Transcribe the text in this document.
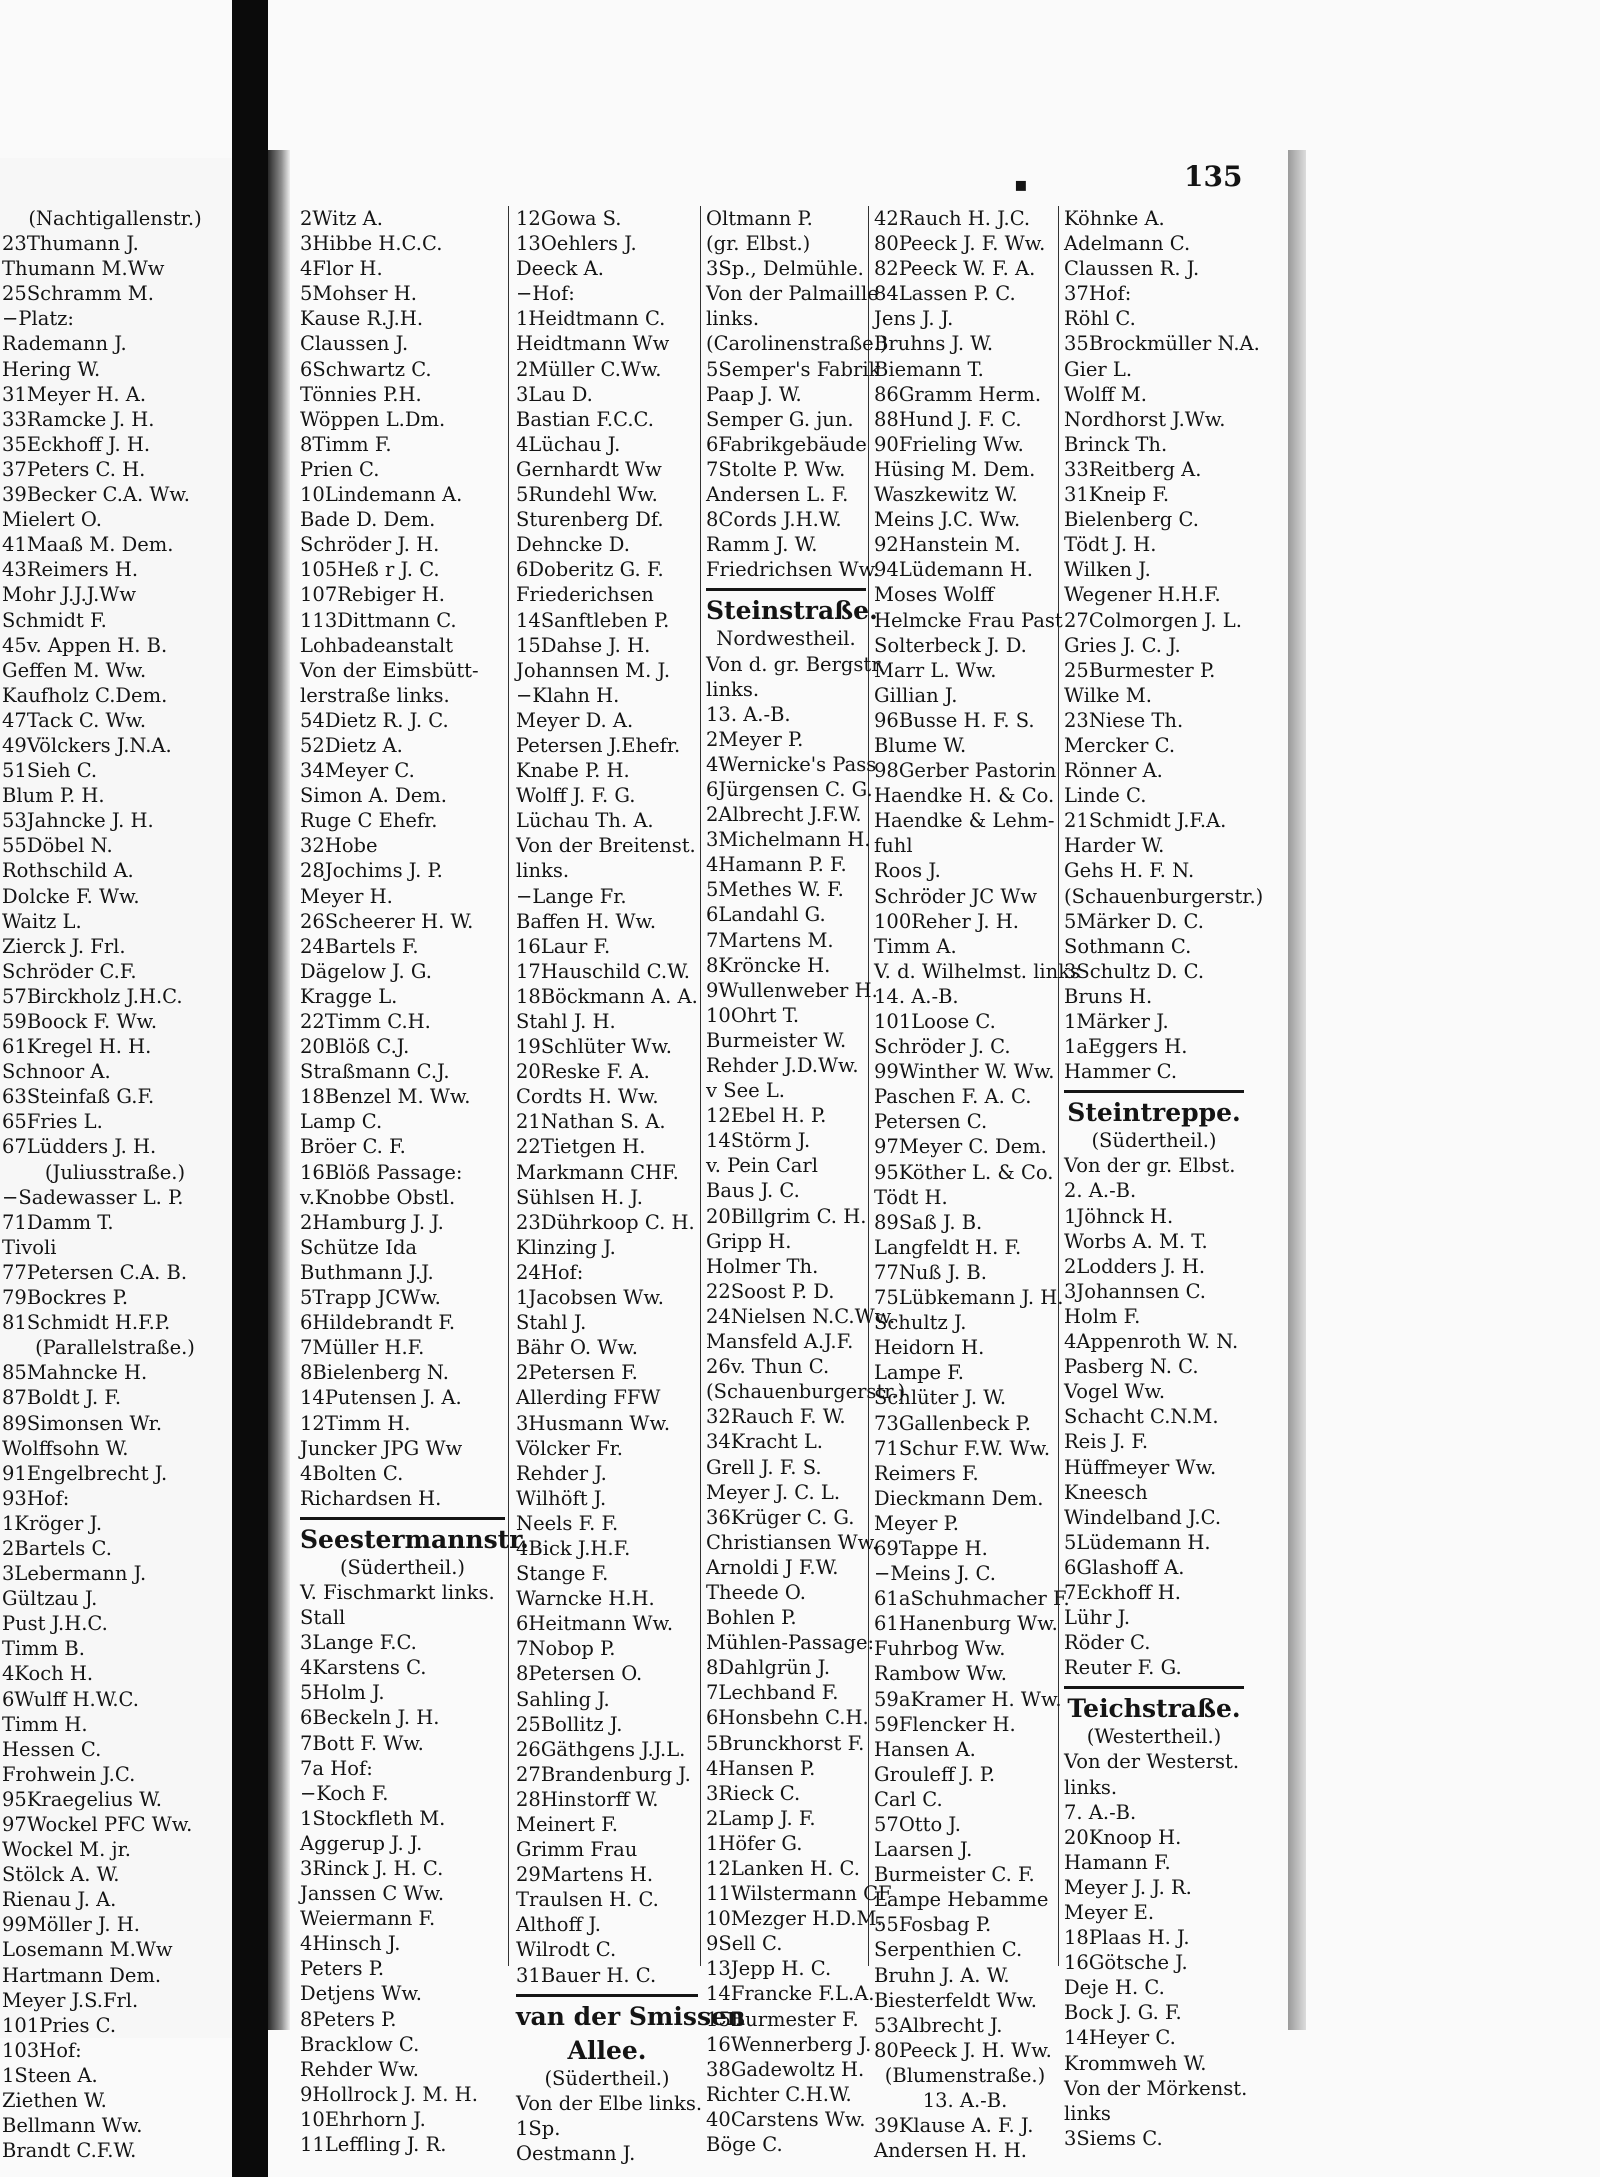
▪	135
(Nachtigallenstr.)
23Thumann J.
Thumann M.Ww
25Schramm M.
−Platz:
Rademann J.
Hering W.
31Meyer H. A.
33Ramcke J. H.
35Eckhoff J. H.
37Peters C. H.
39Becker C.A. Ww.
Mielert O.
41Maaß M. Dem.
43Reimers H.
Mohr J.J.J.Ww
Schmidt F.
45v. Appen H. B.
Geffen M. Ww.
Kaufholz C.Dem.
47Tack C. Ww.
49Völckers J.N.A.
51Sieh C.
Blum P. H.
53Jahncke J. H.
55Döbel N.
Rothschild A.
Dolcke F. Ww.
Waitz L.
Zierck J. Frl.
Schröder C.F.
57Birckholz J.H.C.
59Boock F. Ww.
61Kregel H. H.
Schnoor A.
63Steinfaß G.F.
65Fries L.
67Lüdders J. H.
(Juliusstraße.)
−Sadewasser L. P.
71Damm T.
Tivoli
77Petersen C.A. B.
79Bockres P.
81Schmidt H.F.P.
(Parallelstraße.)
85Mahncke H.
87Boldt J. F.
89Simonsen Wr.
Wolffsohn W.
91Engelbrecht J.
93Hof:
1Kröger J.
2Bartels C.
3Lebermann J.
Gültzau J.
Pust J.H.C.
Timm B.
4Koch H.
6Wulff H.W.C.
Timm H.
Hessen C.
Frohwein J.C.
95Kraegelius W.
97Wockel PFC Ww.
Wockel M. jr.
Stölck A. W.
Rienau J. A.
99Möller J. H.
Losemann M.Ww
Hartmann Dem.
Meyer J.S.Frl.
101Pries C.
103Hof:
1Steen A.
Ziethen W.
Bellmann Ww.
Brandt C.F.W.
2Witz A.
3Hibbe H.C.C.
4Flor H.
5Mohser H.
Kause R.J.H.
Claussen J.
6Schwartz C.
Tönnies P.H.
Wöppen L.Dm.
8Timm F.
Prien C.
10Lindemann A.
Bade D. Dem.
Schröder J. H.
105Heß r J. C.
107Rebiger H.
113Dittmann C.
Lohbadeanstalt
Von der Eimsbütt-
lerstraße links.
54Dietz R. J. C.
52Dietz A.
34Meyer C.
Simon A. Dem.
Ruge C Ehefr.
32Hobe
28Jochims J. P.
Meyer H.
26Scheerer H. W.
24Bartels F.
Dägelow J. G.
Kragge L.
22Timm C.H.
20Blöß C.J.
Straßmann C.J.
18Benzel M. Ww.
Lamp C.
Bröer C. F.
16Blöß Passage:
v.Knobbe Obstl.
2Hamburg J. J.
Schütze Ida
Buthmann J.J.
5Trapp JCWw.
6Hildebrandt F.
7Müller H.F.
8Bielenberg N.
14Putensen J. A.
12Timm H.
Juncker JPG Ww
4Bolten C.
Richardsen H.
Seestermannstr.
(Südertheil.)
V. Fischmarkt links.
Stall
3Lange F.C.
4Karstens C.
5Holm J.
6Beckeln J. H.
7Bott F. Ww.
7a Hof:
−Koch F.
1Stockfleth M.
Aggerup J. J.
3Rinck J. H. C.
Janssen C Ww.
Weiermann F.
4Hinsch J.
Peters P.
Detjens Ww.
8Peters P.
Bracklow C.
Rehder Ww.
9Hollrock J. M. H.
10Ehrhorn J.
11Leffling J. R.
12Gowa S.
13Oehlers J.
Deeck A.
−Hof:
1Heidtmann C.
Heidtmann Ww
2Müller C.Ww.
3Lau D.
Bastian F.C.C.
4Lüchau J.
Gernhardt Ww
5Rundehl Ww.
Sturenberg Df.
Dehncke D.
6Doberitz G. F.
Friederichsen
14Sanftleben P.
15Dahse J. H.
Johannsen M. J.
−Klahn H.
Meyer D. A.
Petersen J.Ehefr.
Knabe P. H.
Wolff J. F. G.
Lüchau Th. A.
Von der Breitenst.
links.
−Lange Fr.
Baffen H. Ww.
16Laur F.
17Hauschild C.W.
18Böckmann A. A.
Stahl J. H.
19Schlüter Ww.
20Reske F. A.
Cordts H. Ww.
21Nathan S. A.
22Tietgen H.
Markmann CHF.
Sühlsen H. J.
23Dührkoop C. H.
Klinzing J.
24Hof:
1Jacobsen Ww.
Stahl J.
Bähr O. Ww.
2Petersen F.
Allerding FFW
3Husmann Ww.
Völcker Fr.
Rehder J.
Wilhöft J.
Neels F. F.
4Bick J.H.F.
Stange F.
Warncke H.H.
6Heitmann Ww.
7Nobop P.
8Petersen O.
Sahling J.
25Bollitz J.
26Gäthgens J.J.L.
27Brandenburg J.
28Hinstorff W.
Meinert F.
Grimm Frau
29Martens H.
Traulsen H. C.
Althoff J.
Wilrodt C.
31Bauer H. C.
van der Smissen
Allee.
(Südertheil.)
Von der Elbe links.
1Sp.
Oestmann J.
Oltmann P.
(gr. Elbst.)
3Sp., Delmühle.
Von der Palmaille
links.
(Carolinenstraße.)
5Semper's Fabrik
Paap J. W.
Semper G. jun.
6Fabrikgebäude
7Stolte P. Ww.
Andersen L. F.
8Cords J.H.W.
Ramm J. W.
Friedrichsen Ww.
Steinstraße.
Nordwestheil.
Von d. gr. Bergstr.
links.
13. A.-B.
2Meyer P.
4Wernicke's Pass
6Jürgensen C. G.
2Albrecht J.F.W.
3Michelmann H.
4Hamann P. F.
5Methes W. F.
6Landahl G.
7Martens M.
8Kröncke H.
9Wullenweber H.
10Ohrt T.
Burmeister W.
Rehder J.D.Ww.
v See L.
12Ebel H. P.
14Störm J.
v. Pein Carl
Baus J. C.
20Billgrim C. H.
Gripp H.
Holmer Th.
22Soost P. D.
24Nielsen N.C.Ww.
Mansfeld A.J.F.
26v. Thun C.
(Schauenburgerstr.)
32Rauch F. W.
34Kracht L.
Grell J. F. S.
Meyer J. C. L.
36Krüger C. G.
Christiansen Ww.
Arnoldi J F.W.
Theede O.
Bohlen P.
Mühlen-Passage:
8Dahlgrün J.
7Lechband F.
6Honsbehn C.H.
5Brunckhorst F.
4Hansen P.
3Rieck C.
2Lamp J. F.
1Höfer G.
12Lanken H. C.
11Wilstermann CF
10Mezger H.D.M.
9Sell C.
13Jepp H. C.
14Francke F.L.A.
15Burmester F.
16Wennerberg J.
38Gadewoltz H.
Richter C.H.W.
40Carstens Ww.
Böge C.
42Rauch H. J.C.
80Peeck J. F. Ww.
82Peeck W. F. A.
84Lassen P. C.
Jens J. J.
Bruhns J. W.
Biemann T.
86Gramm Herm.
88Hund J. F. C.
90Frieling Ww.
Hüsing M. Dem.
Waszkewitz W.
Meins J.C. Ww.
92Hanstein M.
94Lüdemann H.
Moses Wolff
Helmcke Frau Past
Solterbeck J. D.
Marr L. Ww.
Gillian J.
96Busse H. F. S.
Blume W.
98Gerber Pastorin
Haendke H. & Co.
Haendke & Lehm-
fuhl
Roos J.
Schröder JC Ww
100Reher J. H.
Timm A.
V. d. Wilhelmst. links
14. A.-B.
101Loose C.
Schröder J. C.
99Winther W. Ww.
Paschen F. A. C.
Petersen C.
97Meyer C. Dem.
95Köther L. & Co.
Tödt H.
89Saß J. B.
Langfeldt H. F.
77Nuß J. B.
75Lübkemann J. H.
Schultz J.
Heidorn H.
Lampe F.
Schlüter J. W.
73Gallenbeck P.
71Schur F.W. Ww.
Reimers F.
Dieckmann Dem.
Meyer P.
69Tappe H.
−Meins J. C.
61aSchuhmacher F.
61Hanenburg Ww.
Fuhrbog Ww.
Rambow Ww.
59aKramer H. Ww.
59Flencker H.
Hansen A.
Grouleff J. P.
Carl C.
57Otto J.
Laarsen J.
Burmeister C. F.
Lampe Hebamme
55Fosbag P.
Serpenthien C.
Bruhn J. A. W.
Biesterfeldt Ww.
53Albrecht J.
80Peeck J. H. Ww.
(Blumenstraße.)
13. A.-B.
39Klause A. F. J.
Andersen H. H.
Köhnke A.
Adelmann C.
Claussen R. J.
37Hof:
Röhl C.
35Brockmüller N.A.
Gier L.
Wolff M.
Nordhorst J.Ww.
Brinck Th.
33Reitberg A.
31Kneip F.
Bielenberg C.
Tödt J. H.
Wilken J.
Wegener H.H.F.
27Colmorgen J. L.
Gries J. C. J.
25Burmester P.
Wilke M.
23Niese Th.
Mercker C.
Rönner A.
Linde C.
21Schmidt J.F.A.
Harder W.
Gehs H. F. N.
(Schauenburgerstr.)
5Märker D. C.
Sothmann C.
3Schultz D. C.
Bruns H.
1Märker J.
1aEggers H.
Hammer C.
Steintreppe.
(Südertheil.)
Von der gr. Elbst.
2. A.-B.
1Jöhnck H.
Worbs A. M. T.
2Lodders J. H.
3Johannsen C.
Holm F.
4Appenroth W. N.
Pasberg N. C.
Vogel Ww.
Schacht C.N.M.
Reis J. F.
Hüffmeyer Ww.
Kneesch
Windelband J.C.
5Lüdemann H.
6Glashoff A.
7Eckhoff H.
Lühr J.
Röder C.
Reuter F. G.
Teichstraße.
(Westertheil.)
Von der Westerst.
links.
7. A.-B.
20Knoop H.
Hamann F.
Meyer J. J. R.
Meyer E.
18Plaas H. J.
16Götsche J.
Deje H. C.
Bock J. G. F.
14Heyer C.
Krommweh W.
Von der Mörkenst.
links
3Siems C.
